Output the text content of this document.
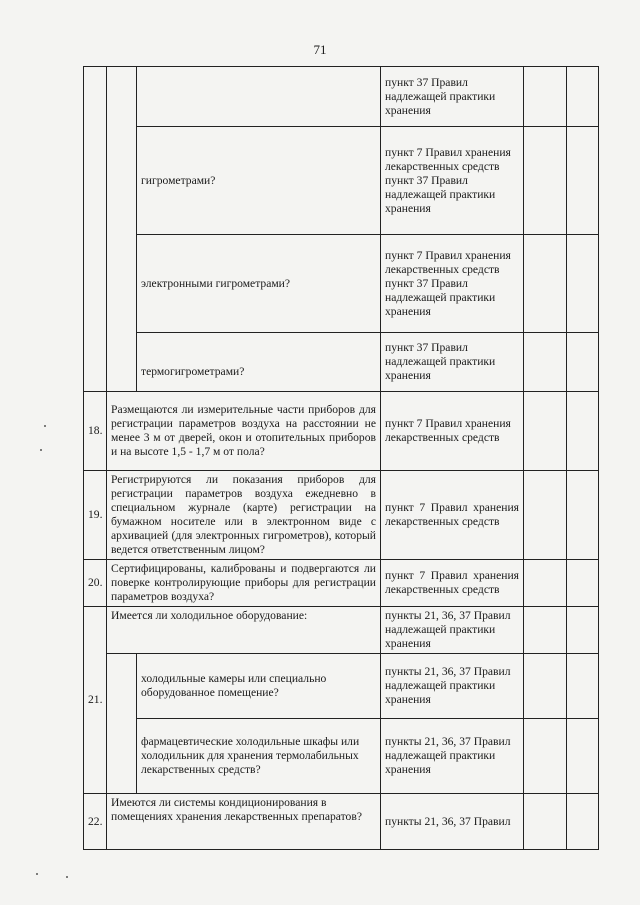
71
			пункт 37 Правил надлежащей практики хранения		
		гигрометрами?	пункт 7 Правил хранения лекарственных средств пункт 37 Правил надлежащей практики хранения		
		электронными гигрометрами?	пункт 7 Правил хранения лекарственных средств пункт 37 Правил надлежащей практики хранения		
		термогигрометрами?	пункт 37 Правил надлежащей практики хранения		
18.	Размещаются ли измерительные части приборов для регистрации параметров воздуха на расстоянии не менее 3 м от дверей, окон и отопительных приборов и на высоте 1,5 - 1,7 м от пола?		пункт 7 Правил хранения лекарственных средств		
19.	Регистрируются ли показания приборов для регистрации параметров воздуха ежедневно в специальном журнале (карте) регистрации на бумажном носителе или в электронном виде с архивацией (для электронных гигрометров), который ведется ответственным лицом?		пункт 7 Правил хранения лекарственных средств		
20.	Сертифицированы, калиброваны и подвергаются ли поверке контролирующие приборы для регистрации параметров воздуха?		пункт 7 Правил хранения лекарственных средств		
21.	Имеется ли холодильное оборудование:		пункты 21, 36, 37 Правил надлежащей практики хранения		
		холодильные камеры или специально оборудованное помещение?	пункты 21, 36, 37 Правил надлежащей практики хранения		
		фармацевтические холодильные шкафы или холодильник для хранения термолабильных лекарственных средств?	пункты 21, 36, 37 Правил надлежащей практики хранения		
22.	Имеются ли системы кондиционирования в помещениях хранения лекарственных препаратов?		пункты 21, 36, 37 Правил		
